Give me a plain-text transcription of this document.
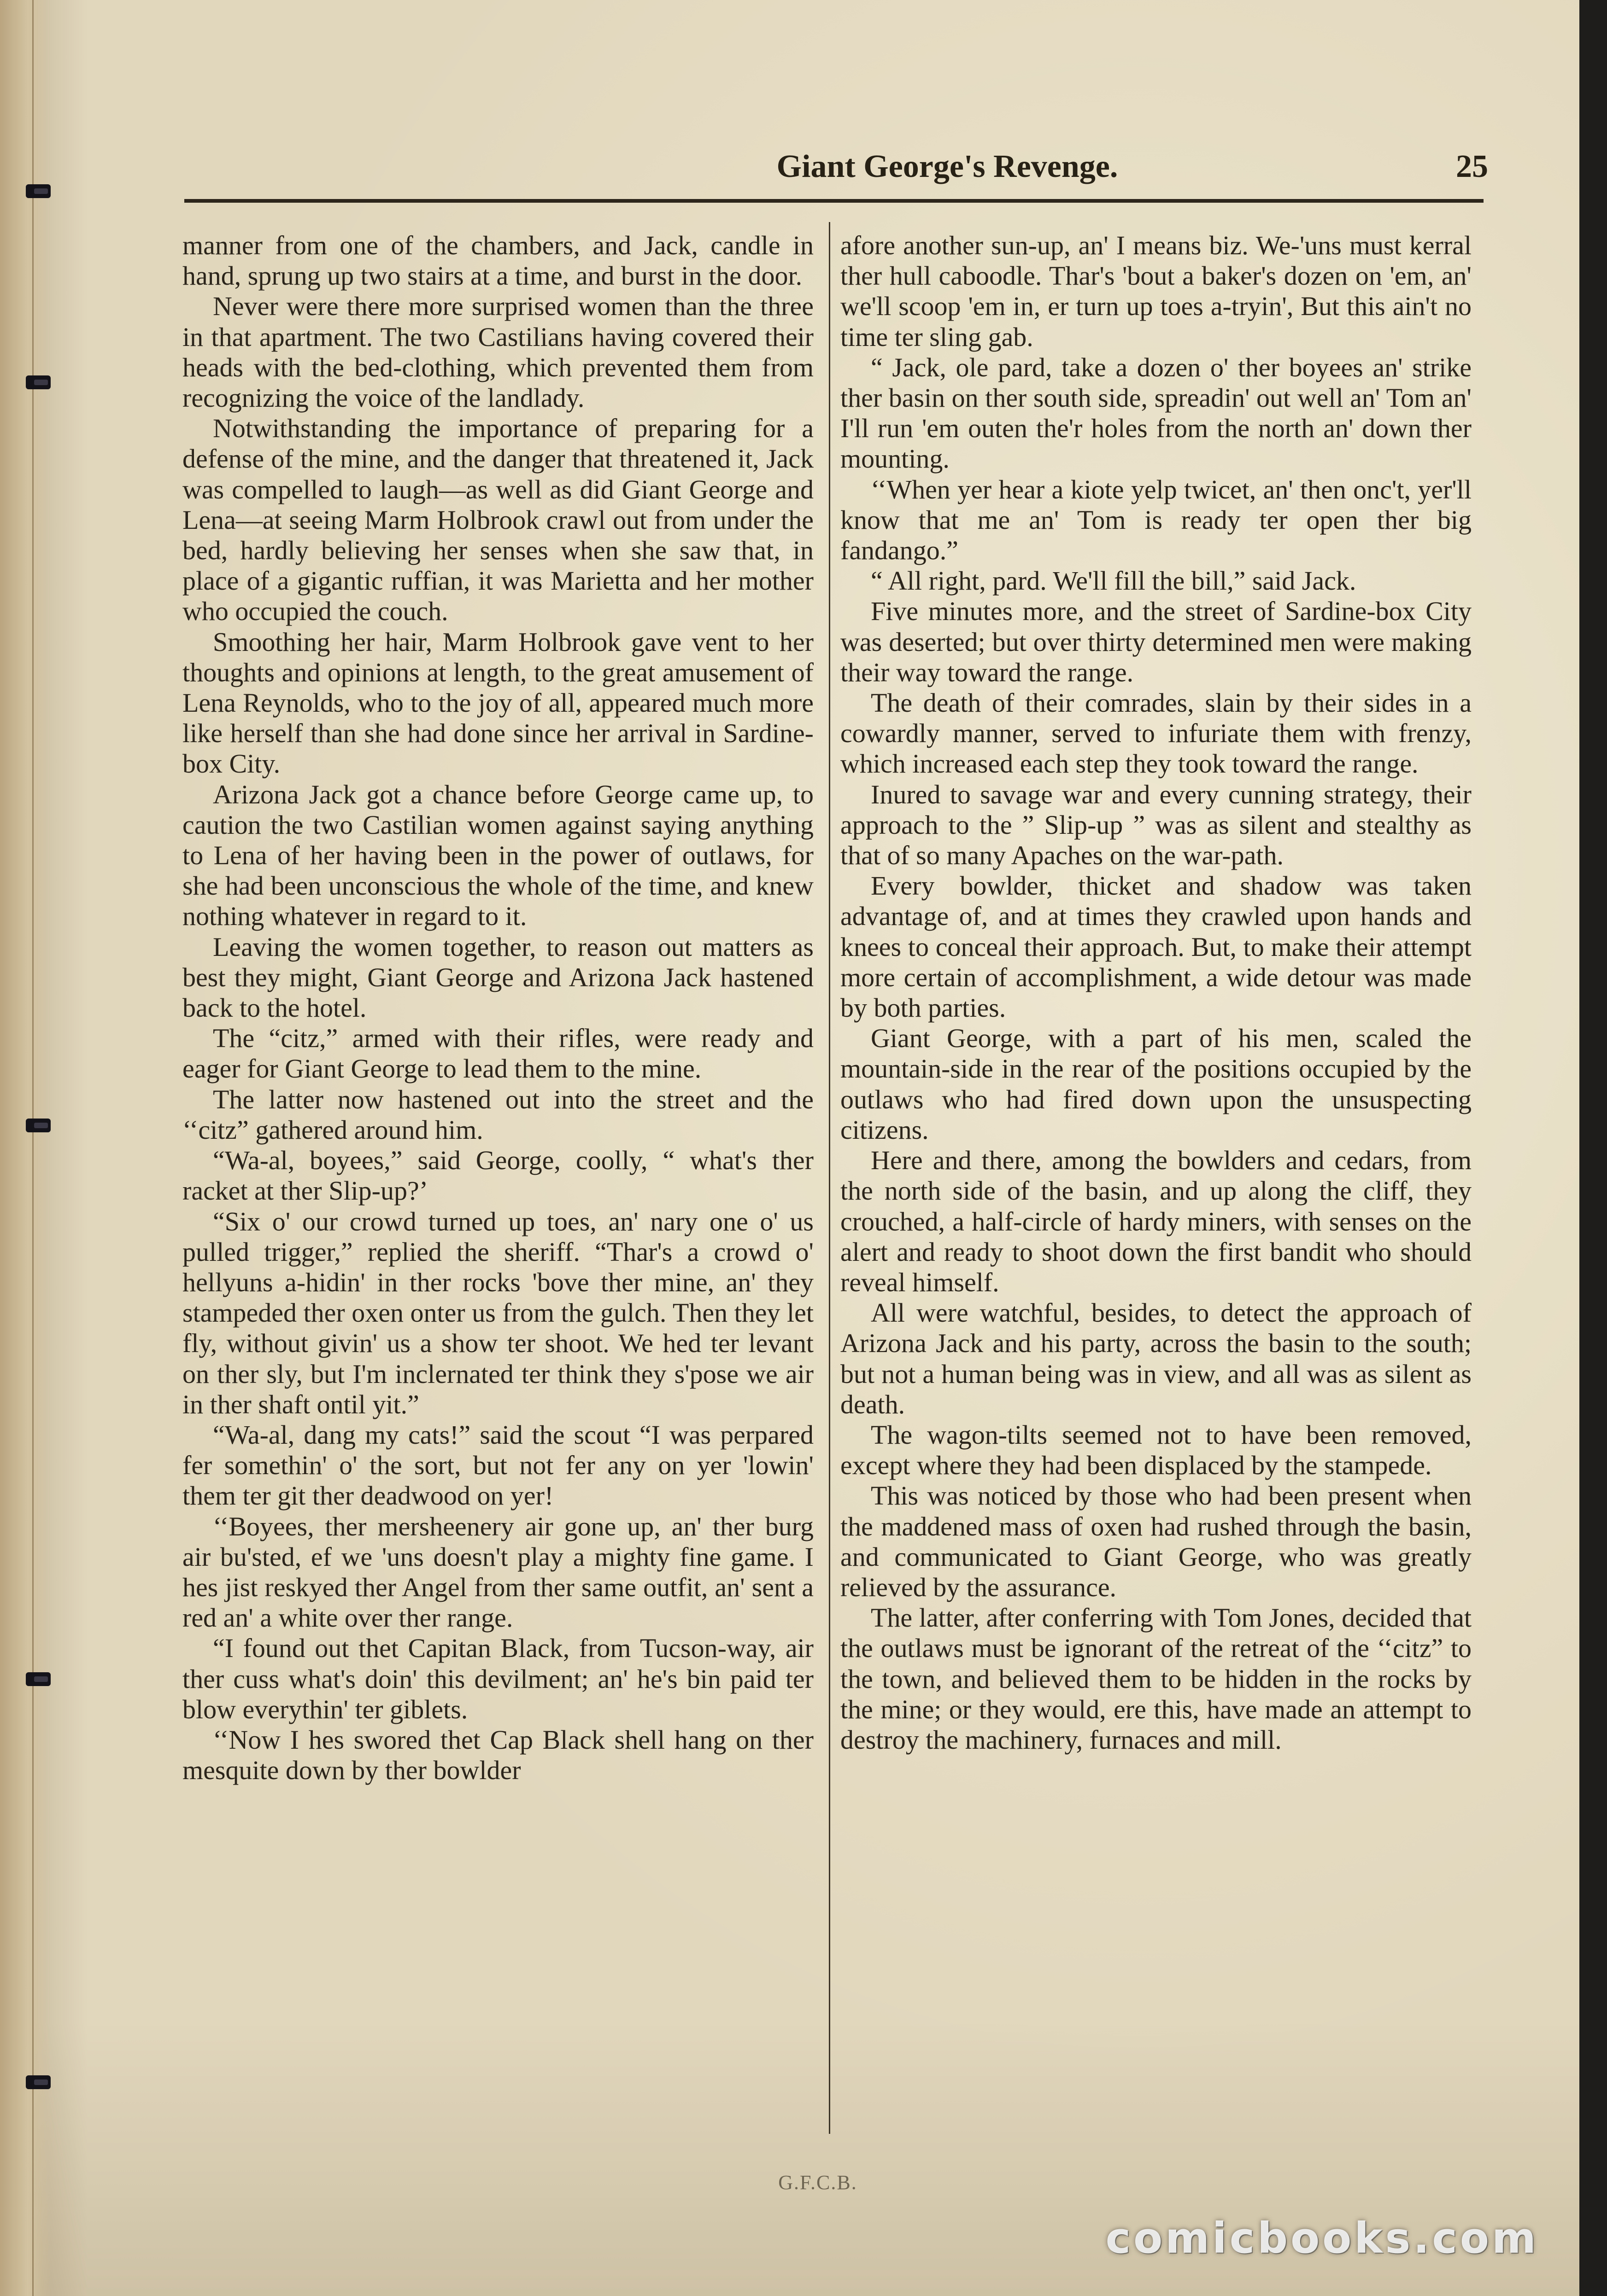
Giant George's Revenge.	25
manner from one of the chambers, and Jack, candle in hand, sprung up two stairs at a time, and burst in the door.
Never were there more surprised women than the three in that apartment. The two Castilians having covered their heads with the bed-clothing, which prevented them from recognizing the voice of the landlady.
Notwithstanding the importance of preparing for a defense of the mine, and the danger that threatened it, Jack was compelled to laugh—as well as did Giant George and Lena—at seeing Marm Holbrook crawl out from under the bed, hardly believing her senses when she saw that, in place of a gigantic ruffian, it was Marietta and her mother who occupied the couch.
Smoothing her hair, Marm Holbrook gave vent to her thoughts and opinions at length, to the great amusement of Lena Reynolds, who to the joy of all, appeared much more like herself than she had done since her arrival in Sardine-box City.
Arizona Jack got a chance before George came up, to caution the two Castilian women against saying anything to Lena of her having been in the power of outlaws, for she had been unconscious the whole of the time, and knew nothing whatever in regard to it.
Leaving the women together, to reason out matters as best they might, Giant George and Arizona Jack hastened back to the hotel.
The “citz,” armed with their rifles, were ready and eager for Giant George to lead them to the mine.
The latter now hastened out into the street and the ‘‘citz” gathered around him.
“Wa-al, boyees,” said George, coolly, “ what's ther racket at ther Slip-up?’
“Six o' our crowd turned up toes, an' nary one o' us pulled trigger,” replied the sheriff. “Thar's a crowd o' hellyuns a-hidin' in ther rocks 'bove ther mine, an' they stampeded ther oxen onter us from the gulch. Then they let fly, without givin' us a show ter shoot. We hed ter levant on ther sly, but I'm inclernated ter think they s'pose we air in ther shaft ontil yit.”
“Wa-al, dang my cats!” said the scout “I was perpared fer somethin' o' the sort, but not fer any on yer 'lowin' them ter git ther deadwood on yer!
‘‘Boyees, ther mersheenery air gone up, an' ther burg air bu'sted, ef we 'uns doesn't play a mighty fine game. I hes jist reskyed ther Angel from ther same outfit, an' sent a red an' a white over ther range.
“I found out thet Capitan Black, from Tucson-way, air ther cuss what's doin' this devilment; an' he's bin paid ter blow everythin' ter giblets.
‘‘Now I hes swored thet Cap Black shell hang on ther mesquite down by ther bowlder
afore another sun-up, an' I means biz. We-'uns must kerral ther hull caboodle. Thar's 'bout a baker's dozen on 'em, an' we'll scoop 'em in, er turn up toes a-tryin', But this ain't no time ter sling gab.
“ Jack, ole pard, take a dozen o' ther boyees an' strike ther basin on ther south side, spreadin' out well an' Tom an' I'll run 'em outen the'r holes from the north an' down ther mounting.
‘‘When yer hear a kiote yelp twicet, an' then onc't, yer'll know that me an' Tom is ready ter open ther big fandango.”
“ All right, pard. We'll fill the bill,” said Jack.
Five minutes more, and the street of Sardine-box City was deserted; but over thirty determined men were making their way toward the range.
The death of their comrades, slain by their sides in a cowardly manner, served to infuriate them with frenzy, which increased each step they took toward the range.
Inured to savage war and every cunning strategy, their approach to the ” Slip-up ” was as silent and stealthy as that of so many Apaches on the war-path.
Every bowlder, thicket and shadow was taken advantage of, and at times they crawled upon hands and knees to conceal their approach. But, to make their attempt more certain of accomplishment, a wide detour was made by both parties.
Giant George, with a part of his men, scaled the mountain-side in the rear of the positions occupied by the outlaws who had fired down upon the unsuspecting citizens.
Here and there, among the bowlders and cedars, from the north side of the basin, and up along the cliff, they crouched, a half-circle of hardy miners, with senses on the alert and ready to shoot down the first bandit who should reveal himself.
All were watchful, besides, to detect the approach of Arizona Jack and his party, across the basin to the south; but not a human being was in view, and all was as silent as death.
The wagon-tilts seemed not to have been removed, except where they had been displaced by the stampede.
This was noticed by those who had been present when the maddened mass of oxen had rushed through the basin, and communicated to Giant George, who was greatly relieved by the assurance.
The latter, after conferring with Tom Jones, decided that the outlaws must be ignorant of the retreat of the ‘‘citz” to the town, and believed them to be hidden in the rocks by the mine; or they would, ere this, have made an attempt to destroy the machinery, furnaces and mill.
G.F.C.B.
comicbooks.com
